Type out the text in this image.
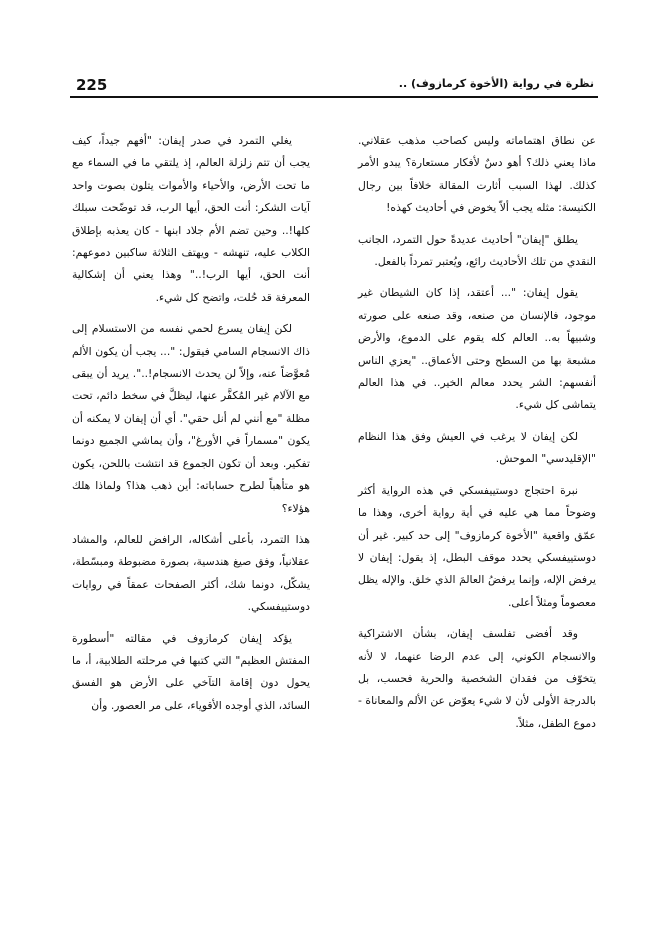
225	نظرة في رواية (الأخوة كرمازوف) ..

عن نطاق اهتماماته وليس كصاحب مذهب عقلاني. ماذا يعني ذلك؟ أهو دسٌ لأفكار مستعارة؟ يبدو الأمر كذلك. لهذا السبب أثارت المقالة خلافاً بين رجال الكنيسة: مثله يجب ألاّ يخوض في أحاديث كهذه!

يطلق "إيفان" أحاديث عديدةً حول التمرد، الجانب النقدي من تلك الأحاديث رائع، ويُعتبر تمرداً بالفعل.

يقول إيفان: "... أعتقد، إذا كان الشيطان غير موجود، فالإنسان من صنعه، وقد صنعه على صورته وشبيهاً به.. العالم كله يقوم على الدموع، والأرض مشبعة بها من السطح وحتى الأعماق.. "يعزي الناس أنفسهم: الشر يحدد معالم الخير.. في هذا العالم يتماشى كل شيء.

لكن إيفان لا يرغب في العيش وفق هذا النظام "الإقليدسي" الموحش.

نبرة احتجاج دوستييفسكي في هذه الرواية أكثر وضوحاً مما هي عليه في أية رواية أخرى، وهذا ما عمّق واقعية "الأخوة كرمازوف" إلى حد كبير. غير أن دوستييفسكي يحدد موقف البطل، إذ يقول: إيفان لا يرفض الإله، وإنما يرفضُ العالمَ الذي خلق. والإله يظل معصوماً ومثلاً أعلى.

وقد أفضى تفلسف إيفان، بشأن الاشتراكية والانسجام الكوني، إلى عدم الرضا عنهما، لا لأنه يتخوّف من فقدان الشخصية والحرية فحسب، بل بالدرجة الأولى لأن لا شيء يعوّض عن الألم والمعاناة - دموع الطفل، مثلاً.

يغلي التمرد في صدر إيفان: "أفهم جيداً، كيف يجب أن تتم زلزلة العالم، إذ يلتقي ما في السماء مع ما تحت الأرض، والأحياء والأموات يتلون بصوت واحد آيات الشكر: أنت الحق، أيها الرب، قد توضّحت سبلك كلها!.. وحين تضم الأم جلاد ابنها - كان يعذبه بإطلاق الكلاب عليه، تنهشه - ويهتف الثلاثة ساكبين دموعهم: أنت الحق، أيها الرب!.." وهذا يعني أن إشكالية المعرفة قد حُلت، واتضح كل شيء.

لكن إيفان يسرع لحمي نفسه من الاستسلام إلى ذاك الانسجام السامي فيقول: "... يجب أن يكون الألم مُعوَّضاً عنه، وإلاّ لن يحدث الانسجام!..". يريد أن يبقى مع الآلام غير المُكفَّر عنها، ليظلَّ في سخط دائم، تحت مظلة "مع أنني لم أنل حقي". أي أن إيفان لا يمكنه أن يكون "مسماراً في الأورغ"، وأن يماشي الجميع دونما تفكير. وبعد أن تكون الجموع قد انتشت باللحن، يكون هو متأهباً لطرح حساباته: أين ذهب هذا؟ ولماذا هلك هؤلاء؟

هذا التمرد، بأعلى أشكاله، الرافض للعالم، والمشاد عقلانياً، وفق صيغ هندسية، بصورة مضبوطة ومبسّطة، يشكّل، دونما شك، أكثر الصفحات عمقاً في روايات دوستييفسكي.

يؤكد إيفان كرمازوف في مقالته "أسطورة المفتش العظيم" التي كتبها في مرحلته الطلابية، أ، ما يحول دون إقامة التآخي على الأرض هو الفسق السائد، الذي أوجده الأقوياء، على مر العصور. وأن
